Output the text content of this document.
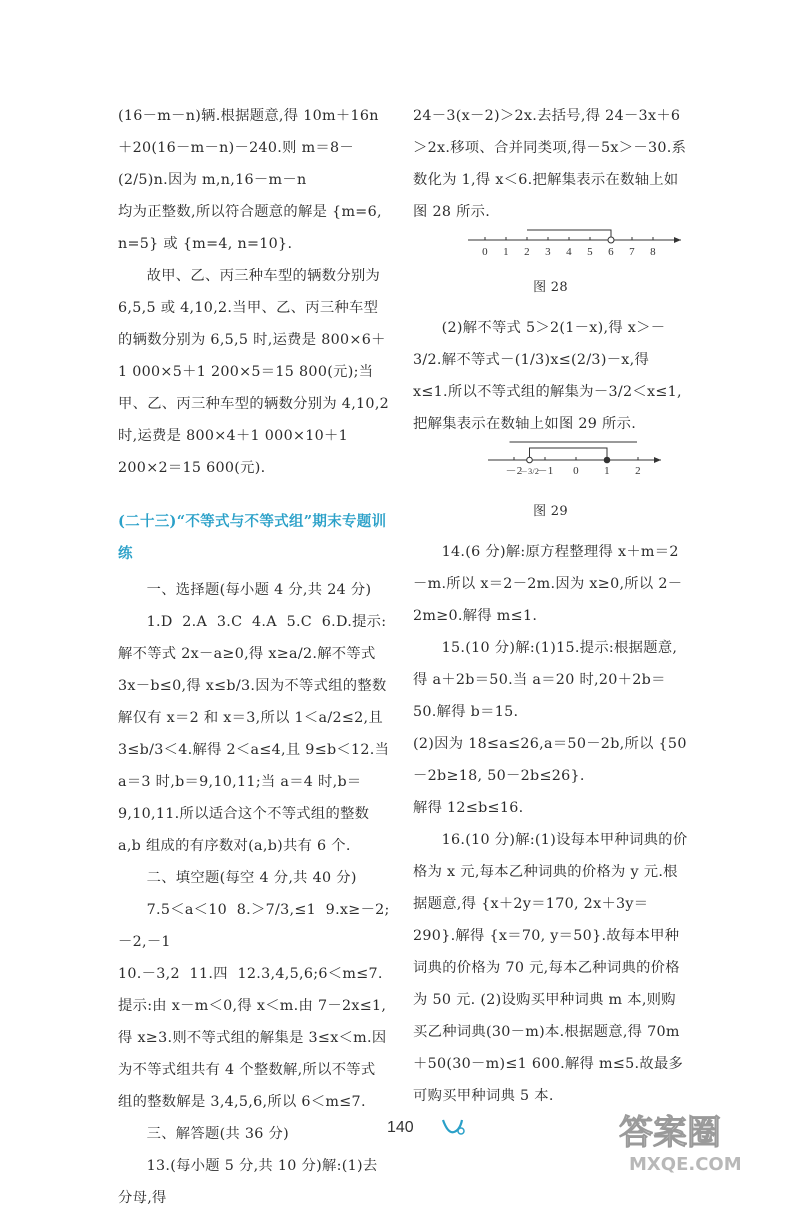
(16－m－n)辆.根据题意,得 10m＋16n＋20(16－m－n)－240.则 m＝8－(2/5)n.因为 m,n,16－m－n

均为正整数,所以符合题意的解是 {m=6, n=5} 或 {m=4, n=10}.

故甲、乙、丙三种车型的辆数分别为 6,5,5 或 4,10,2.当甲、乙、丙三种车型的辆数分别为 6,5,5 时,运费是 800×6＋1 000×5＋1 200×5＝15 800(元);当甲、乙、丙三种车型的辆数分别为 4,10,2 时,运费是 800×4＋1 000×10＋1 200×2＝15 600(元).

(二十三)“不等式与不等式组”期末专题训练

一、选择题(每小题 4 分,共 24 分)

1.D  2.A  3.C  4.A  5.C  6.D.提示:解不等式 2x－a≥0,得 x≥a/2.解不等式 3x－b≤0,得 x≤b/3.因为不等式组的整数解仅有 x＝2 和 x＝3,所以 1＜a/2≤2,且 3≤b/3＜4.解得 2＜a≤4,且 9≤b＜12.当 a＝3 时,b＝9,10,11;当 a＝4 时,b＝9,10,11.所以适合这个不等式组的整数 a,b 组成的有序数对(a,b)共有 6 个.

二、填空题(每空 4 分,共 40 分)

7.5＜a＜10  8.＞7/3,≤1  9.x≥－2;－2,－1

10.－3,2  11.四  12.3,4,5,6;6＜m≤7.提示:由 x－m＜0,得 x＜m.由 7－2x≤1,得 x≥3.则不等式组的解集是 3≤x＜m.因为不等式组共有 4 个整数解,所以不等式组的整数解是 3,4,5,6,所以 6＜m≤7.

三、解答题(共 36 分)

13.(每小题 5 分,共 10 分)解:(1)去分母,得

24－3(x－2)＞2x.去括号,得 24－3x＋6＞2x.移项、合并同类项,得－5x＞－30.系数化为 1,得 x＜6.把解集表示在数轴上如图 28 所示.

0 1 2 3 4 5 6 7 8

图 28

(2)解不等式 5＞2(1－x),得 x＞－3/2.解不等式－(1/3)x≤(2/3)－x,得 x≤1.所以不等式组的解集为－3/2＜x≤1,把解集表示在数轴上如图 29 所示.

－2
－3/2
－1 0 1 2

图 29

14.(6 分)解:原方程整理得 x＋m＝2－m.所以 x＝2－2m.因为 x≥0,所以 2－2m≥0.解得 m≤1.

15.(10 分)解:(1)15.提示:根据题意,得 a＋2b＝50.当 a＝20 时,20＋2b＝50.解得 b＝15.

(2)因为 18≤a≤26,a＝50－2b,所以 {50－2b≥18, 50－2b≤26}.

解得 12≤b≤16.

16.(10 分)解:(1)设每本甲种词典的价格为 x 元,每本乙种词典的价格为 y 元.根据题意,得 {x＋2y＝170, 2x＋3y＝290}.解得 {x＝70, y＝50}.故每本甲种词典的价格为 70 元,每本乙种词典的价格为 50 元. (2)设购买甲种词典 m 本,则购买乙种词典(30－m)本.根据题意,得 70m＋50(30－m)≤1 600.解得 m≤5.故最多可购买甲种词典 5 本.

140	答案圈
MXQE.COM
